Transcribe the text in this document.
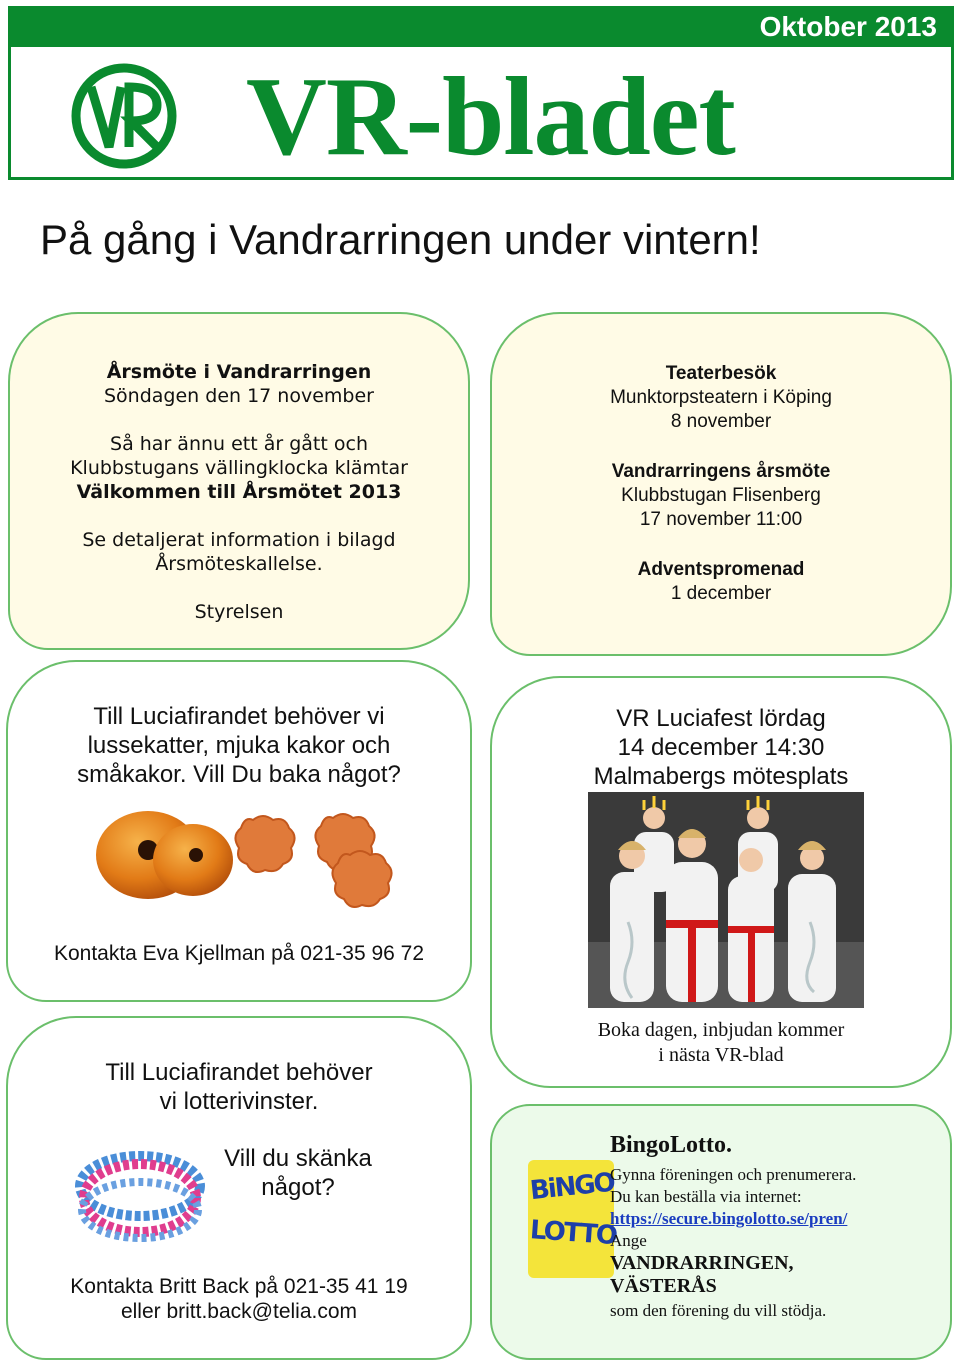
Oktober 2013
VR-bladet
På gång i Vandrarringen under vintern!
Årsmöte i Vandrarringen
Söndagen den 17 november
Så har ännu ett år gått och
Klubbstugans vällingklocka klämtar
Välkommen till Årsmötet 2013
Se detaljerat information i bilagd
Årsmöteskallelse.
Styrelsen
Teaterbesök
Munktorpsteatern i Köping
8 november
Vandrarringens årsmöte
Klubbstugan Flisenberg
17 november 11:00
Adventspromenad
1 december
Till Luciafirandet behöver vi
lussekatter, mjuka kakor och
småkakor. Vill Du baka något?
Kontakta Eva Kjellman på 021-35 96 72
VR Luciafest lördag
14 december 14:30
Malmabergs mötesplats
Boka dagen, inbjudan kommer
i nästa VR-blad
Till Luciafirandet behöver
vi lotterivinster.
Vill du skänka
något?
Kontakta Britt Back på 021-35 41 19
eller britt.back@telia.com
BiNGO
LOTTO
BingoLotto.
Gynna föreningen och prenumerera.
Du kan beställa via internet:
https://secure.bingolotto.se/pren/
Ange
VANDRARRINGEN,
VÄSTERÅS
som den förening du vill stödja.
